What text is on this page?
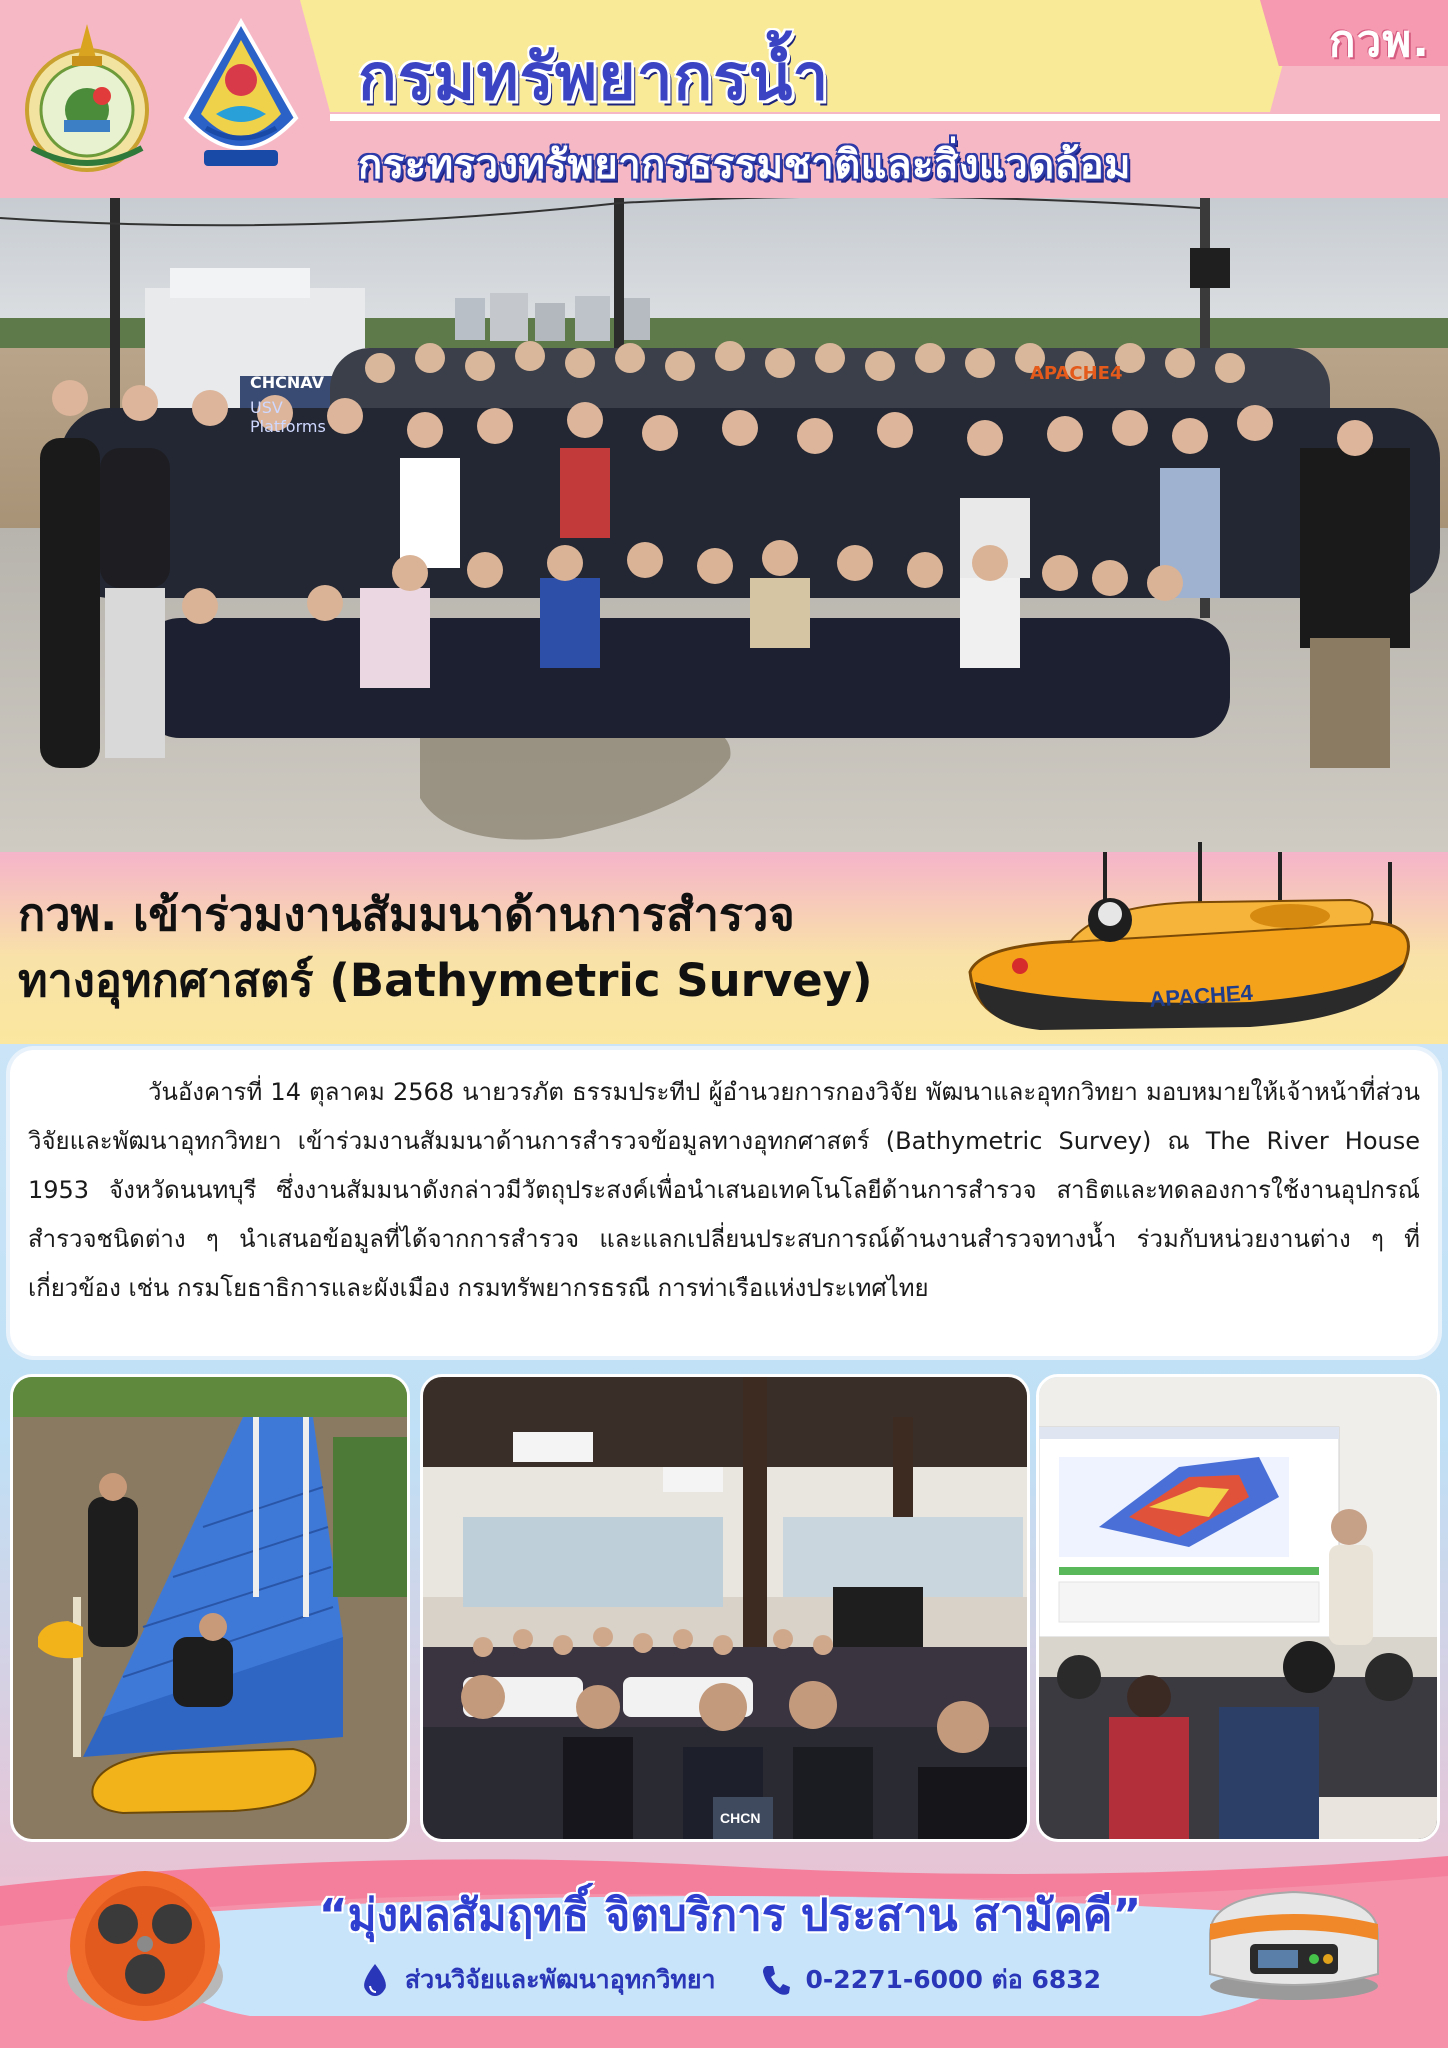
กวพ.
กรมทรัพยากรน้ำ
กระทรวงทรัพยากรธรรมชาติและสิ่งแวดล้อม
CHCNAV
USV Platforms
APACHE4
กวพ. เข้าร่วมงานสัมมนาด้านการสำรวจ
ทางอุทกศาสตร์ (Bathymetric Survey)	APACHE4

วันอังคารที่ 14 ตุลาคม 2568 นายวรภัต ธรรมประทีป ผู้อำนวยการกองวิจัย พัฒนาและอุทกวิทยา มอบหมายให้เจ้าหน้าที่ส่วนวิจัยและพัฒนาอุทกวิทยา เข้าร่วมงานสัมมนาด้านการสำรวจข้อมูลทางอุทกศาสตร์ (Bathymetric Survey) ณ The River House 1953 จังหวัดนนทบุรี ซึ่งงานสัมมนาดังกล่าวมีวัตถุประสงค์เพื่อนำเสนอเทคโนโลยีด้านการสำรวจ สาธิตและทดลองการใช้งานอุปกรณ์สำรวจชนิดต่าง ๆ นำเสนอข้อมูลที่ได้จากการสำรวจ และแลกเปลี่ยนประสบการณ์ด้านงานสำรวจทางน้ำ ร่วมกับหน่วยงานต่าง ๆ ที่เกี่ยวข้อง เช่น กรมโยธาธิการและผังเมือง กรมทรัพยากรธรณี การท่าเรือแห่งประเทศไทย

CHCN
“มุ่งผลสัมฤทธิ์ จิตบริการ ประสาน สามัคคี”
ส่วนวิจัยและพัฒนาอุทกวิทยา	0-2271-6000 ต่อ 6832
